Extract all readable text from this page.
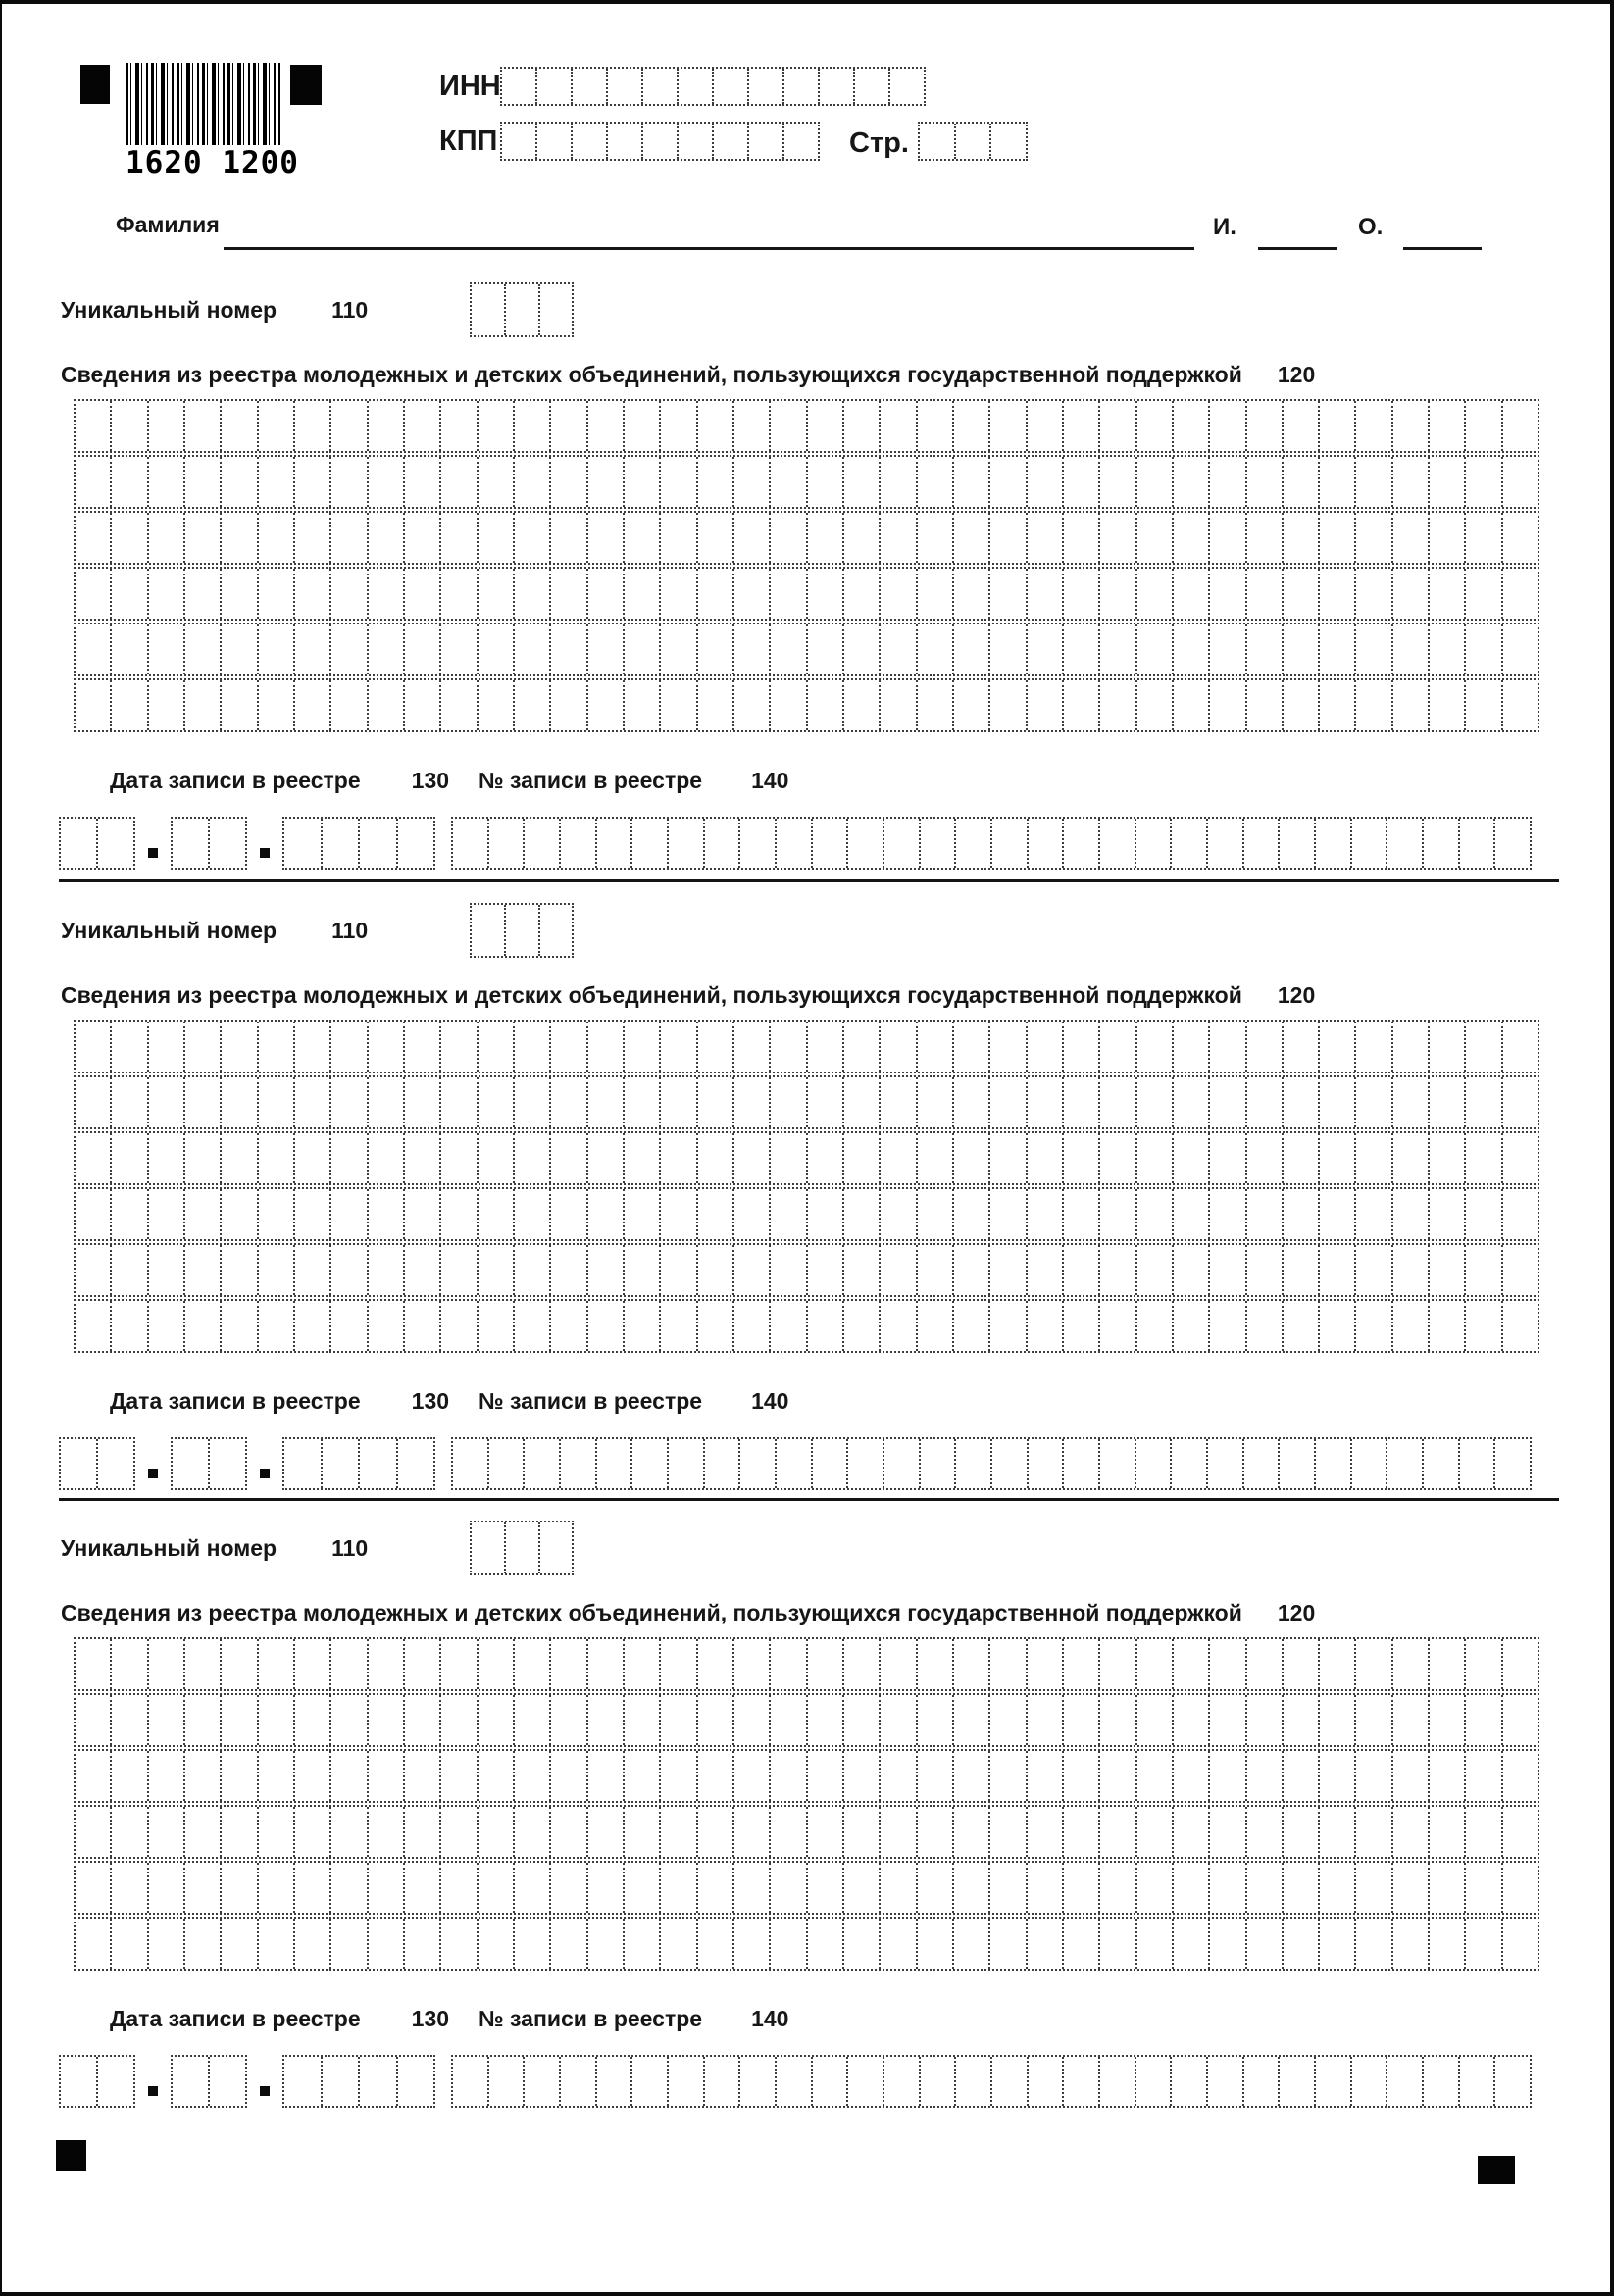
1620 1200
ИНН
КПП	Стр.
Фамилия	И.	О.
Уникальный номер 110
Сведения из реестра молодежных и детских объединений, пользующихся государственной поддержкой 120
Дата записи в реестре 130 № записи в реестре 140
Уникальный номер 110
Сведения из реестра молодежных и детских объединений, пользующихся государственной поддержкой 120
Дата записи в реестре 130 № записи в реестре 140
Уникальный номер 110
Сведения из реестра молодежных и детских объединений, пользующихся государственной поддержкой 120
Дата записи в реестре 130 № записи в реестре 140
